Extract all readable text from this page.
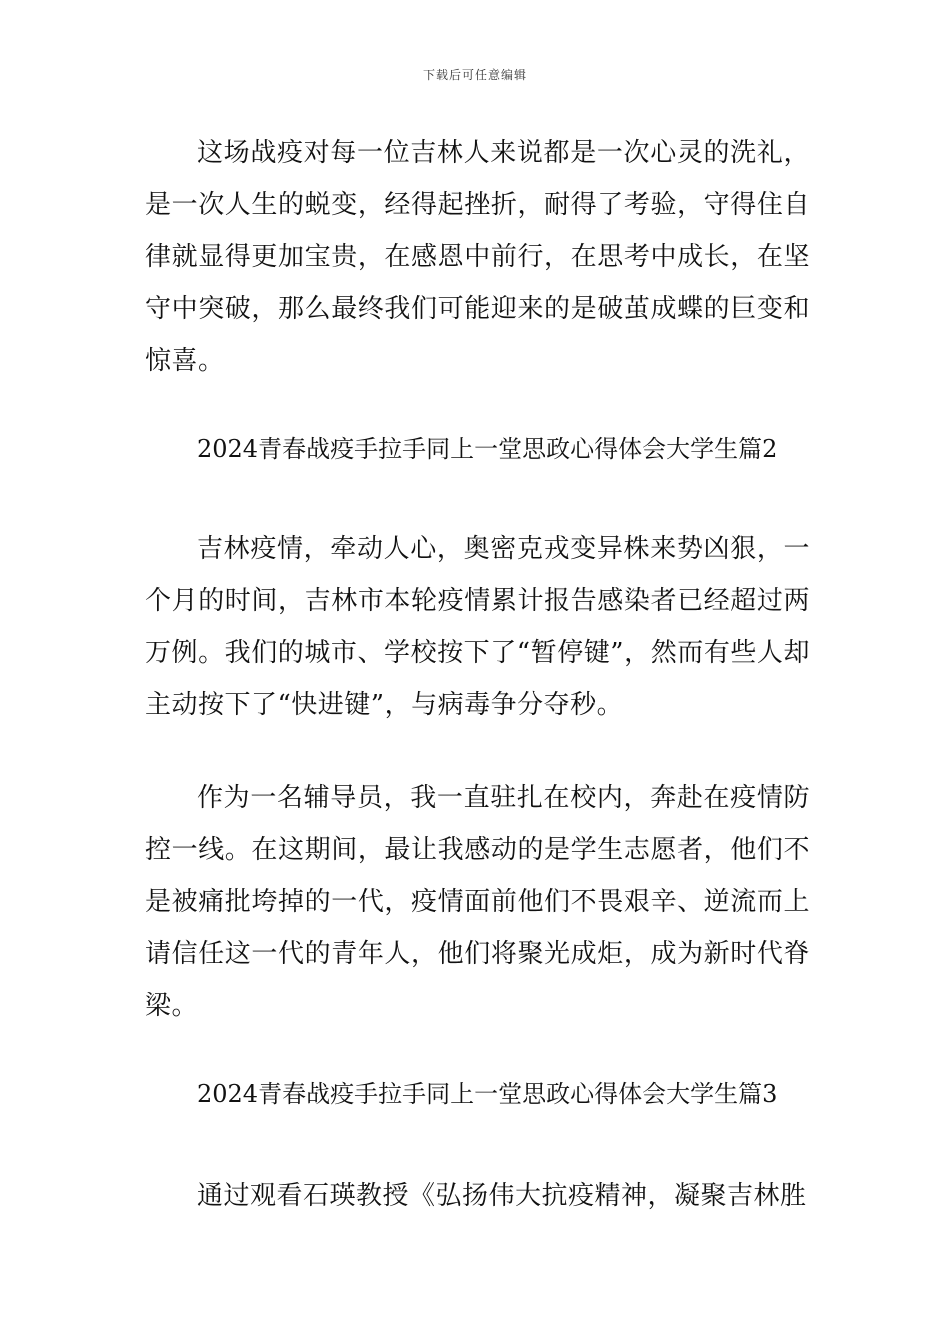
下载后可任意编辑

这场战疫对每一位吉林人来说都是一次心灵的洗礼，是一次人生的蜕变，经得起挫折，耐得了考验，守得住自律就显得更加宝贵，在感恩中前行，在思考中成长，在坚守中突破，那么最终我们可能迎来的是破茧成蝶的巨变和惊喜。

2024青春战疫手拉手同上一堂思政心得体会大学生篇2

吉林疫情，牵动人心，奥密克戎变异株来势凶狠，一个月的时间，吉林市本轮疫情累计报告感染者已经超过两万例。我们的城市、学校按下了“暂停键”，然而有些人却主动按下了“快进键”，与病毒争分夺秒。

作为一名辅导员，我一直驻扎在校内，奔赴在疫情防控一线。在这期间，最让我感动的是学生志愿者，他们不是被痛批垮掉的一代，疫情面前他们不畏艰辛、逆流而上请信任这一代的青年人，他们将聚光成炬，成为新时代脊梁。

2024青春战疫手拉手同上一堂思政心得体会大学生篇3

通过观看石瑛教授《弘扬伟大抗疫精神，凝聚吉林胜
